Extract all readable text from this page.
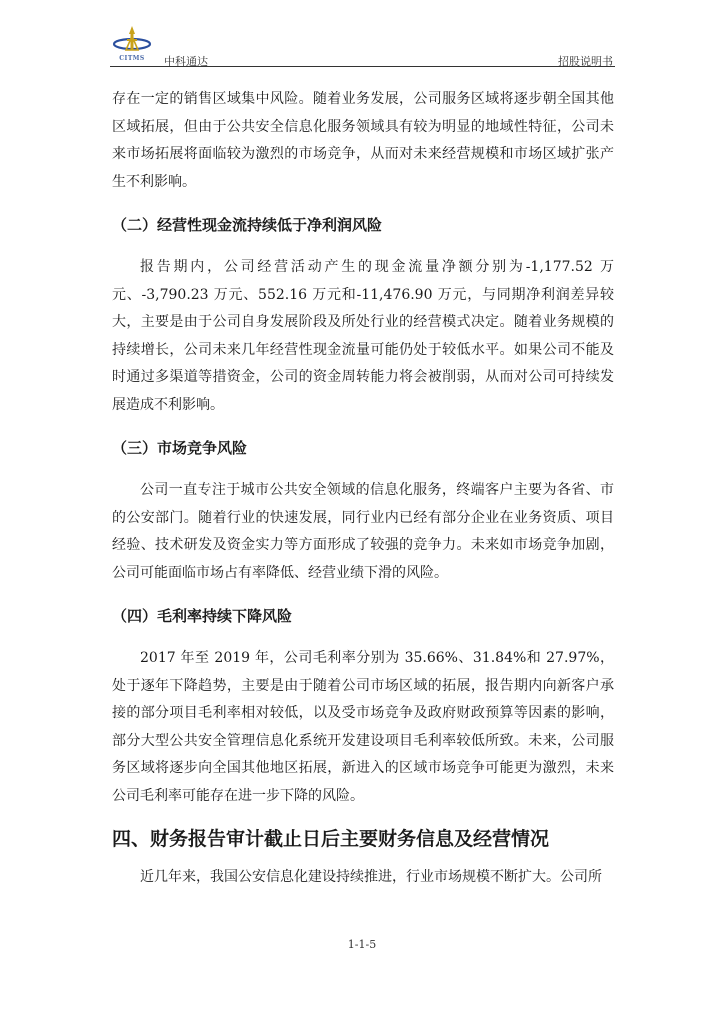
CITMS	中科通达	招股说明书

存在一定的销售区域集中风险。随着业务发展，公司服务区域将逐步朝全国其他区域拓展，但由于公共安全信息化服务领域具有较为明显的地域性特征，公司未来市场拓展将面临较为激烈的市场竞争，从而对未来经营规模和市场区域扩张产生不利影响。

（二）经营性现金流持续低于净利润风险

报告期内，公司经营活动产生的现金流量净额分别为-1,177.52 万元、-3,790.23 万元、552.16 万元和-11,476.90 万元，与同期净利润差异较大，主要是由于公司自身发展阶段及所处行业的经营模式决定。随着业务规模的持续增长，公司未来几年经营性现金流量可能仍处于较低水平。如果公司不能及时通过多渠道等措资金，公司的资金周转能力将会被削弱，从而对公司可持续发展造成不利影响。

（三）市场竞争风险

公司一直专注于城市公共安全领域的信息化服务，终端客户主要为各省、市的公安部门。随着行业的快速发展，同行业内已经有部分企业在业务资质、项目经验、技术研发及资金实力等方面形成了较强的竞争力。未来如市场竞争加剧，公司可能面临市场占有率降低、经营业绩下滑的风险。

（四）毛利率持续下降风险

2017 年至 2019 年，公司毛利率分别为 35.66%、31.84%和 27.97%，处于逐年下降趋势，主要是由于随着公司市场区域的拓展，报告期内向新客户承接的部分项目毛利率相对较低，以及受市场竞争及政府财政预算等因素的影响，部分大型公共安全管理信息化系统开发建设项目毛利率较低所致。未来，公司服务区域将逐步向全国其他地区拓展，新进入的区域市场竞争可能更为激烈，未来公司毛利率可能存在进一步下降的风险。

四、财务报告审计截止日后主要财务信息及经营情况

近几年来，我国公安信息化建设持续推进，行业市场规模不断扩大。公司所

1-1-5
